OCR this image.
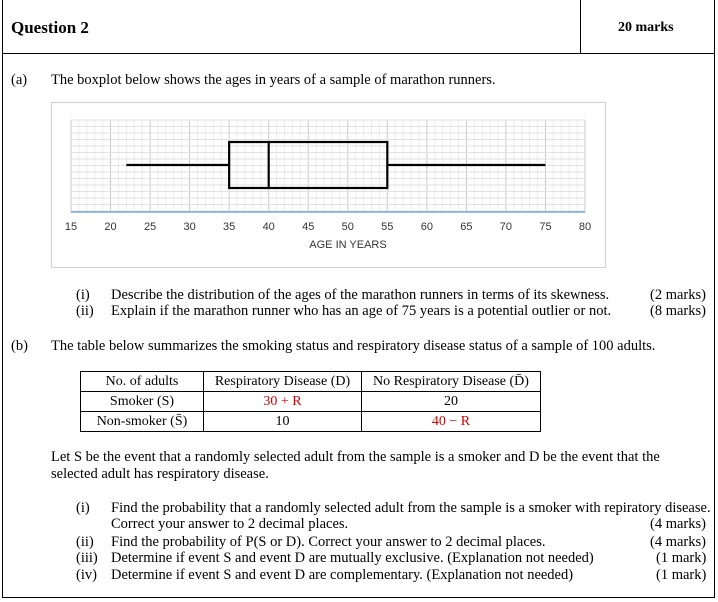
Question 2	20 marks
(a) The boxplot below shows the ages in years of a sample of marathon runners.
15 20 25 30 35 40 45 50 55 60 65 70 75 80
AGE IN YEARS
(i) Describe the distribution of the ages of the marathon runners in terms of its skewness.	(2 marks)
(ii) Explain if the marathon runner who has an age of 75 years is a potential outlier or not.	(8 marks)
(b) The table below summarizes the smoking status and respiratory disease status of a sample of 100 adults.
No. of adults	Respiratory Disease (D)	No Respiratory Disease (D̄)
Smoker (S)	30 + R	20
Non-smoker (S̄)	10	40 − R
Let S be the event that a randomly selected adult from the sample is a smoker and D be the event that the
selected adult has respiratory disease.
(i) Find the probability that a randomly selected adult from the sample is a smoker with repiratory disease.
Correct your answer to 2 decimal places.	(4 marks)
(ii) Find the probability of P(S or D). Correct your answer to 2 decimal places.	(4 marks)
(iii) Determine if event S and event D are mutually exclusive. (Explanation not needed)	(1 mark)
(iv) Determine if event S and event D are complementary. (Explanation not needed)	(1 mark)
